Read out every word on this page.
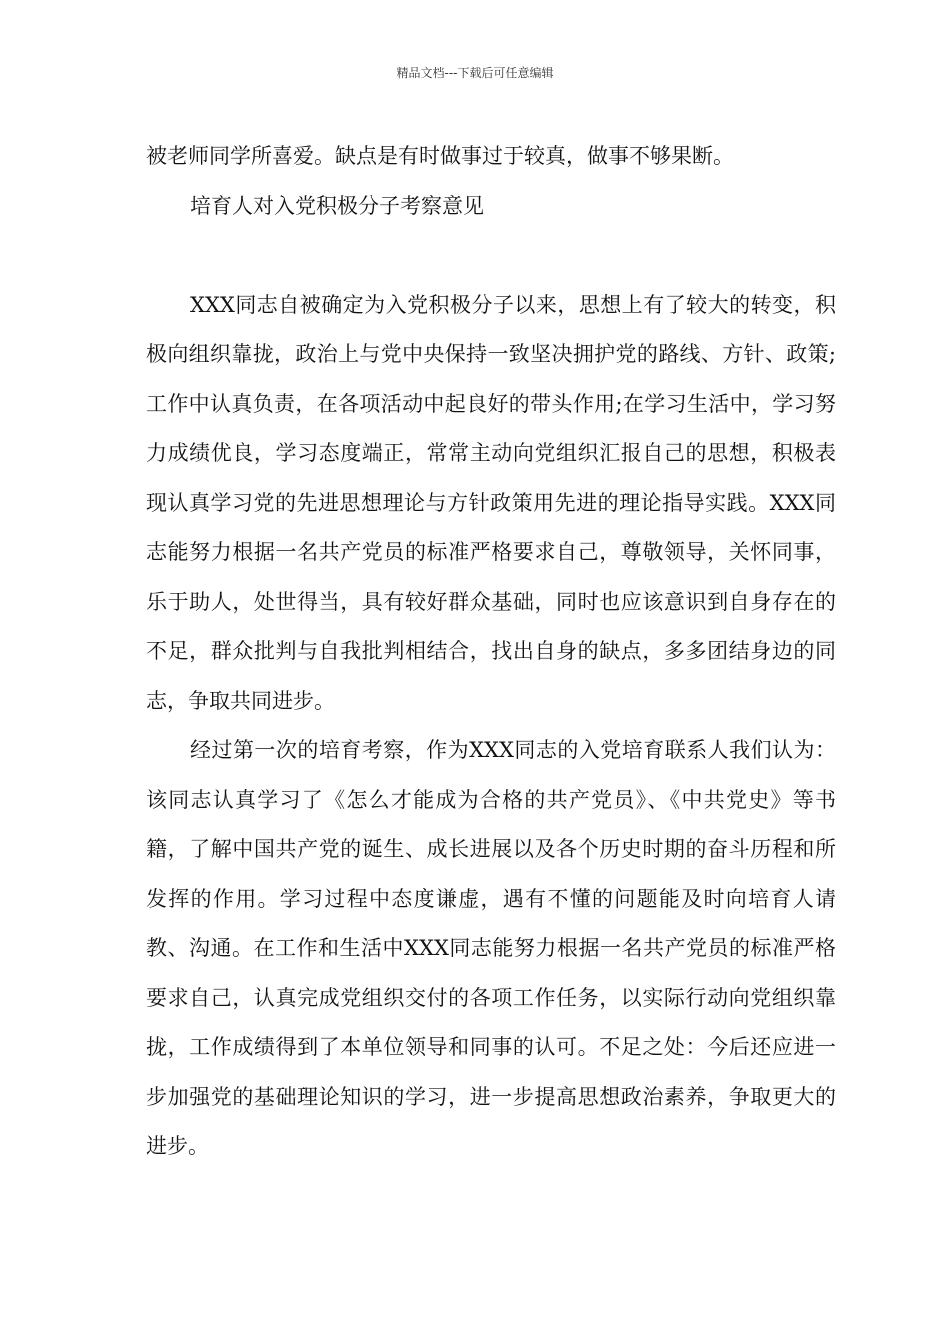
精品文档---下载后可任意编辑

被老师同学所喜爱。缺点是有时做事过于较真，做事不够果断。

培育人对入党积极分子考察意见

XXX同志自被确定为入党积极分子以来，思想上有了较大的转变，积极向组织靠拢，政治上与党中央保持一致坚决拥护党的路线、方针、政策;工作中认真负责，在各项活动中起良好的带头作用;在学习生活中，学习努力成绩优良，学习态度端正，常常主动向党组织汇报自己的思想，积极表现认真学习党的先进思想理论与方针政策用先进的理论指导实践。XXX同志能努力根据一名共产党员的标准严格要求自己，尊敬领导，关怀同事，乐于助人，处世得当，具有较好群众基础，同时也应该意识到自身存在的不足，群众批判与自我批判相结合，找出自身的缺点，多多团结身边的同志，争取共同进步。

经过第一次的培育考察，作为XXX同志的入党培育联系人我们认为：该同志认真学习了《怎么才能成为合格的共产党员》、《中共党史》等书籍，了解中国共产党的诞生、成长进展以及各个历史时期的奋斗历程和所发挥的作用。学习过程中态度谦虚，遇有不懂的问题能及时向培育人请教、沟通。在工作和生活中XXX同志能努力根据一名共产党员的标准严格要求自己，认真完成党组织交付的各项工作任务，以实际行动向党组织靠拢，工作成绩得到了本单位领导和同事的认可。不足之处：今后还应进一步加强党的基础理论知识的学习，进一步提高思想政治素养，争取更大的进步。
